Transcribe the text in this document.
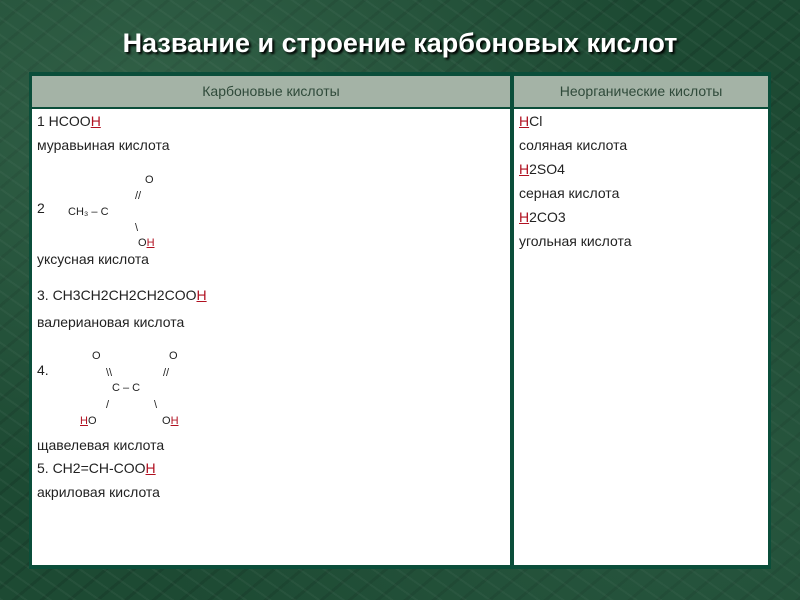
Название и строение карбоновых кислот
Карбоновые кислоты	Неорганические кислоты
1 HCOOH
муравьиная кислота
O
//
2 CH₃ – C
\
OH
уксусная кислота
3. CH3CH2CH2CH2COOH
валериановая кислота
O	O
\\	//
4.
C – C
/	\
HO	OH
щавелевая кислота
5. CH2=CH-COOH
акриловая кислота
HCl
соляная кислота
H2SO4
серная кислота
H2CO3
угольная кислота
